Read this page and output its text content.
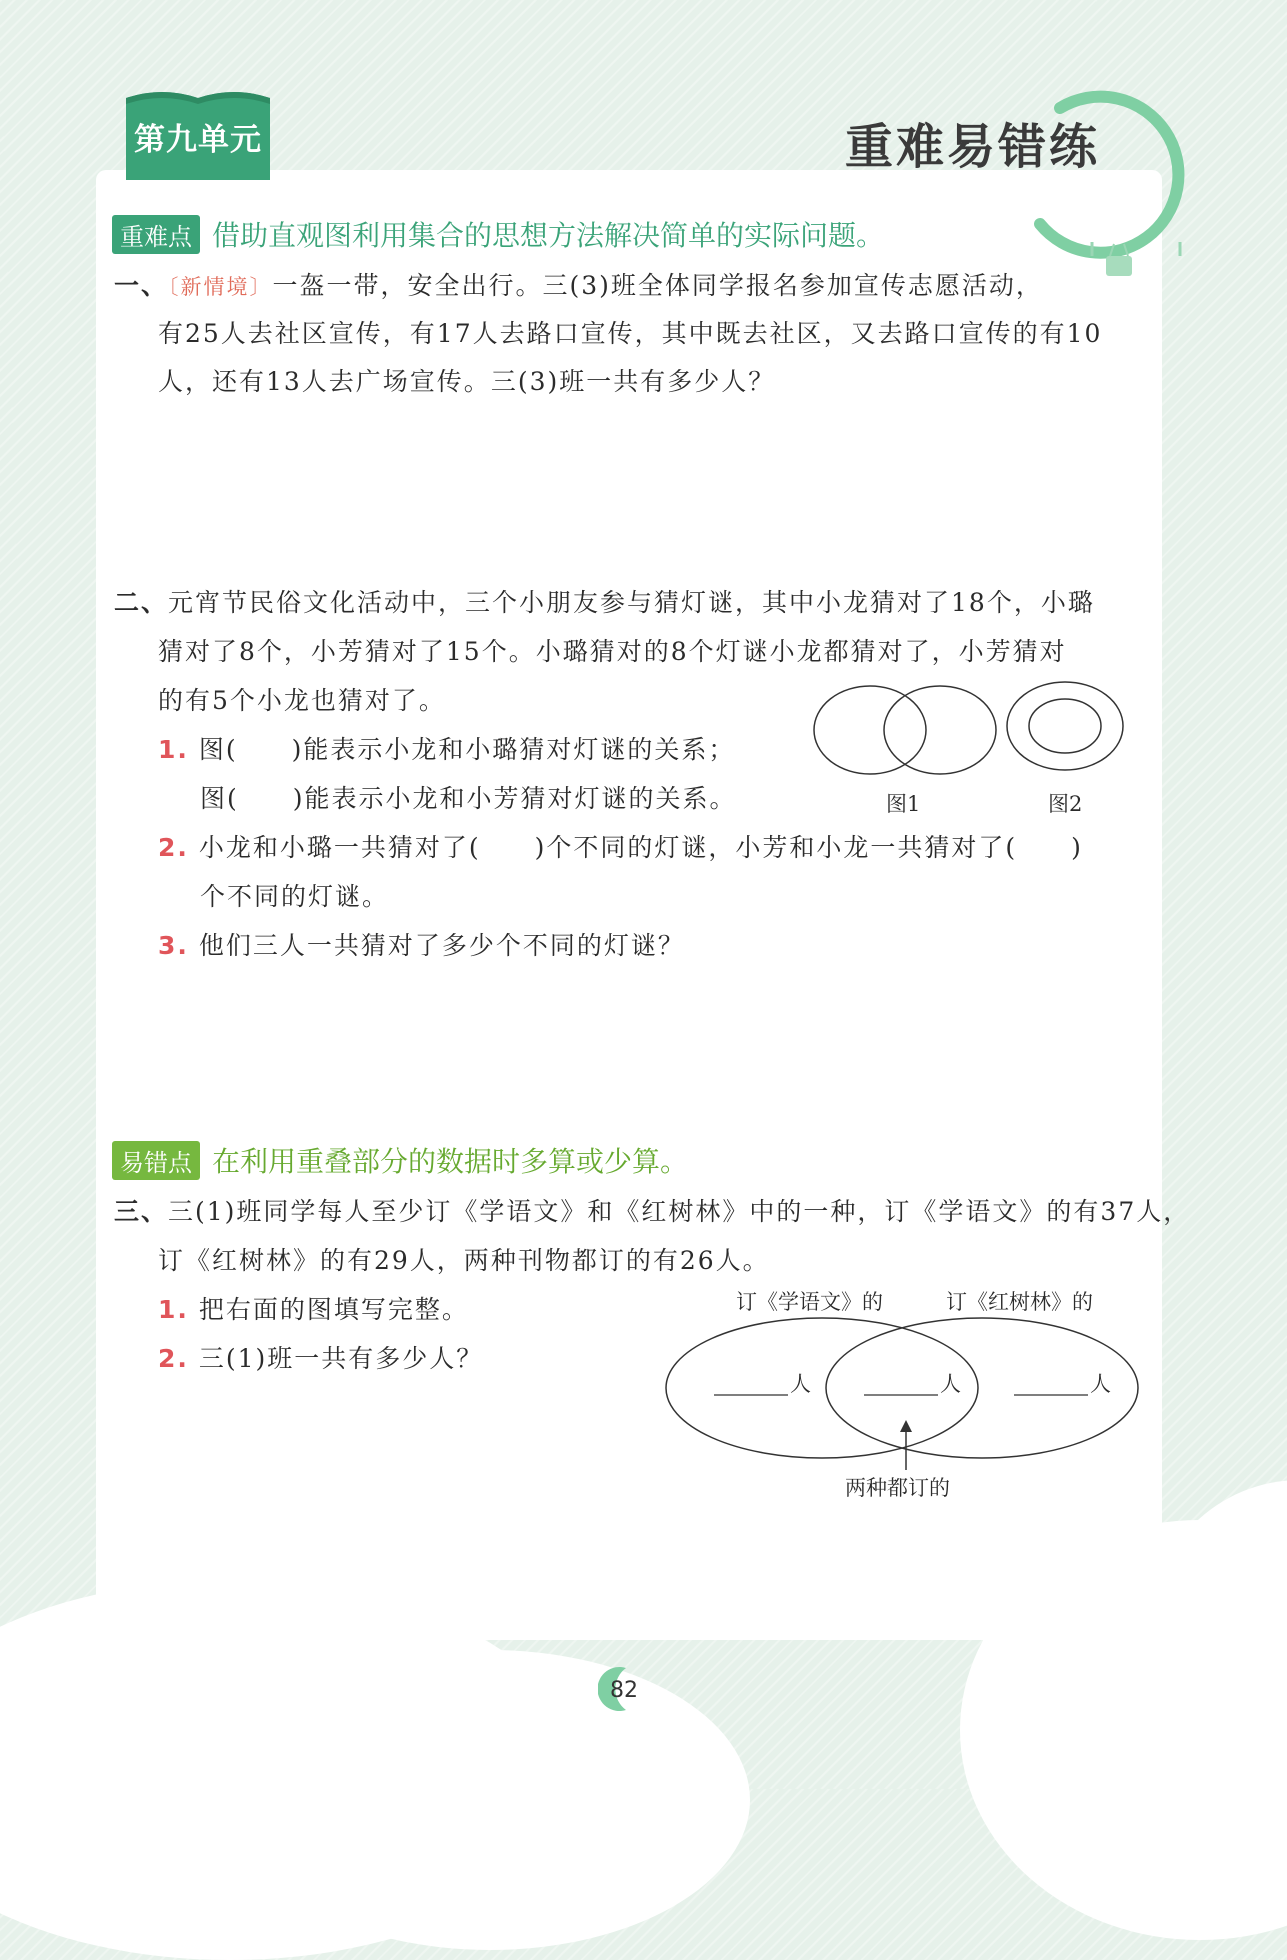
第九单元	重难易错练
重难点 借助直观图利用集合的思想方法解决简单的实际问题。
一、〔新情境〕一盔一带，安全出行。三(3)班全体同学报名参加宣传志愿活动，
有25人去社区宣传，有17人去路口宣传，其中既去社区，又去路口宣传的有10
人，还有13人去广场宣传。三(3)班一共有多少人？
二、元宵节民俗文化活动中，三个小朋友参与猜灯谜，其中小龙猜对了18个，小璐
猜对了8个，小芳猜对了15个。小璐猜对的8个灯谜小龙都猜对了，小芳猜对
的有5个小龙也猜对了。
1. 图(　　)能表示小龙和小璐猜对灯谜的关系；
图(　　)能表示小龙和小芳猜对灯谜的关系。
2. 小龙和小璐一共猜对了(　　)个不同的灯谜，小芳和小龙一共猜对了(　　)
个不同的灯谜。
3. 他们三人一共猜对了多少个不同的灯谜？
图1	图2
易错点 在利用重叠部分的数据时多算或少算。
三、三(1)班同学每人至少订《学语文》和《红树林》中的一种，订《学语文》的有37人，
订《红树林》的有29人，两种刊物都订的有26人。
1. 把右面的图填写完整。
2. 三(1)班一共有多少人？
订《学语文》的	订《红树林》的
人	人	人
两种都订的
82
